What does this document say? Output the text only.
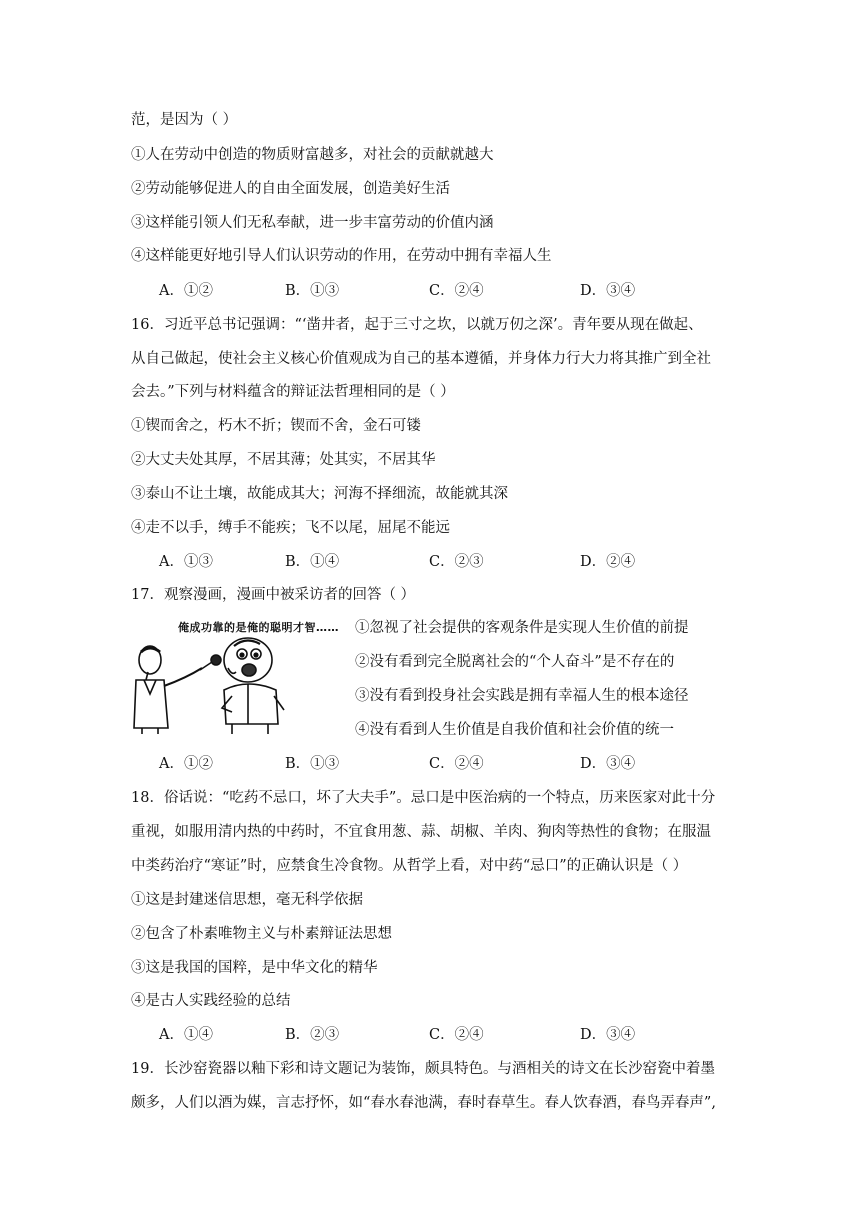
范，是因为（ ）
①人在劳动中创造的物质财富越多，对社会的贡献就越大
②劳动能够促进人的自由全面发展，创造美好生活
③这样能引领人们无私奉献，进一步丰富劳动的价值内涵
④这样能更好地引导人们认识劳动的作用，在劳动中拥有幸福人生
A．①②	B．①③	C．②④	D．③④
16．习近平总书记强调：“‘凿井者，起于三寸之坎，以就万仞之深’。青年要从现在做起、
从自己做起，使社会主义核心价值观成为自己的基本遵循，并身体力行大力将其推广到全社
会去。”下列与材料蕴含的辩证法哲理相同的是（ ）
①锲而舍之，朽木不折；锲而不舍，金石可镂
②大丈夫处其厚，不居其薄；处其实，不居其华
③泰山不让土壤，故能成其大；河海不择细流，故能就其深
④走不以手，缚手不能疾；飞不以尾，屈尾不能远
A．①③	B．①④	C．②③	D．②④
17．观察漫画，漫画中被采访者的回答（ ）
俺成功靠的是俺的聪明才智…… ①忽视了社会提供的客观条件是实现人生价值的前提
②没有看到完全脱离社会的“个人奋斗”是不存在的
③没有看到投身社会实践是拥有幸福人生的根本途径
④没有看到人生价值是自我价值和社会价值的统一
A．①②	B．①③	C．②④	D．③④
18．俗话说：“吃药不忌口，坏了大夫手”。忌口是中医治病的一个特点，历来医家对此十分
重视，如服用清内热的中药时，不宜食用葱、蒜、胡椒、羊肉、狗肉等热性的食物；在服温
中类药治疗“寒证”时，应禁食生冷食物。从哲学上看，对中药“忌口”的正确认识是（ ）
①这是封建迷信思想，毫无科学依据
②包含了朴素唯物主义与朴素辩证法思想
③这是我国的国粹，是中华文化的精华
④是古人实践经验的总结
A．①④	B．②③	C．②④	D．③④
19．长沙窑瓷器以釉下彩和诗文题记为装饰，颇具特色。与酒相关的诗文在长沙窑瓷中着墨
颇多，人们以酒为媒，言志抒怀，如“春水春池满，春时春草生。春人饮春酒，春鸟弄春声”,
